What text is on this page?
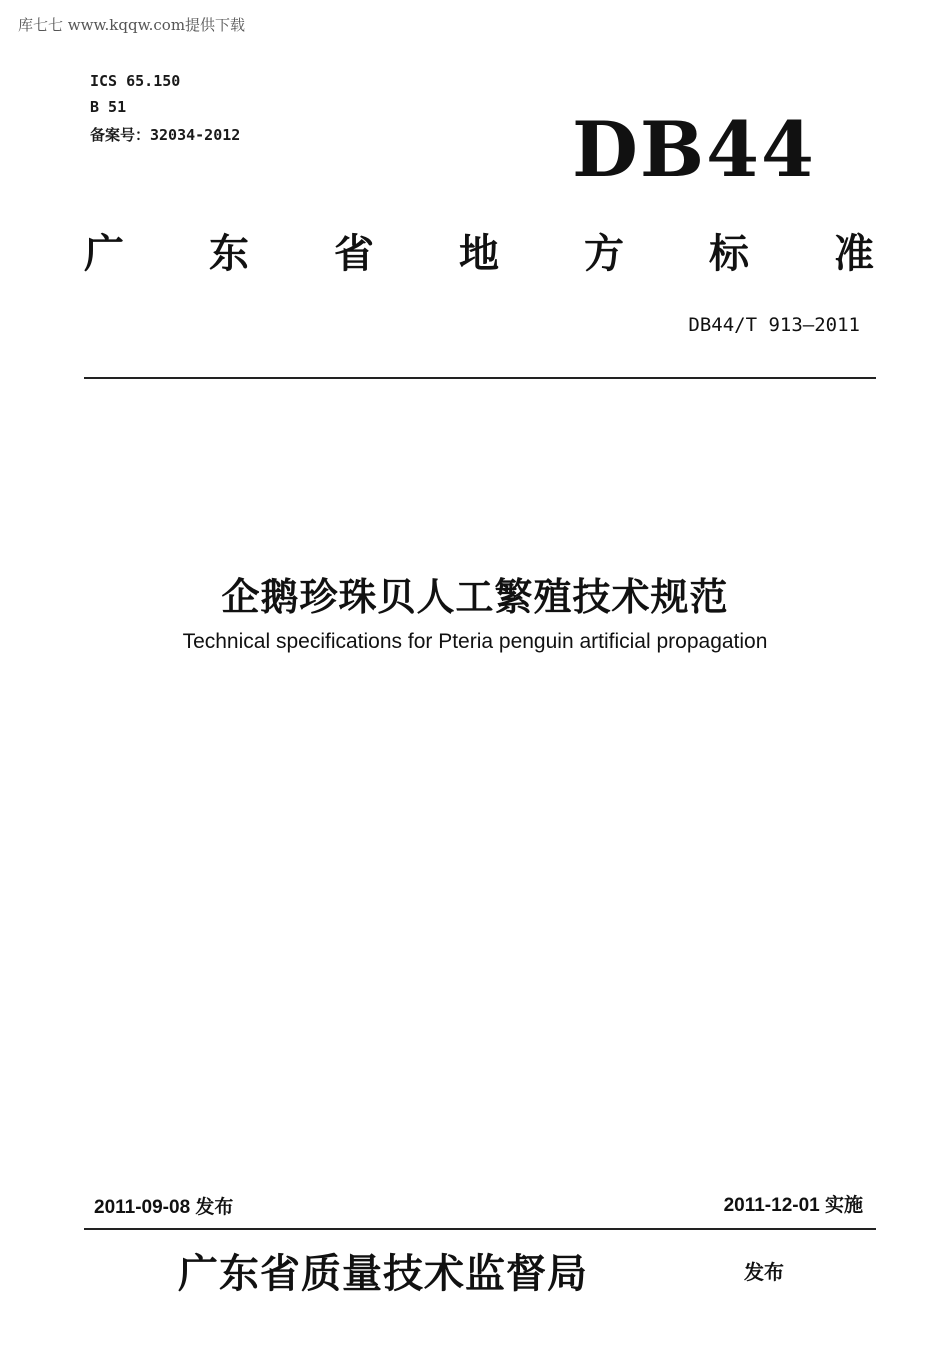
库七七 www.kqqw.com提供下载
ICS 65.150
B 51
备案号：32034-2012	DB44
广 东 省 地 方 标 准
DB44/T 913—2011
企鹅珍珠贝人工繁殖技术规范
Technical specifications for Pteria penguin artificial propagation
2011-09-08 发布	2011-12-01 实施
广东省质量技术监督局	发布
